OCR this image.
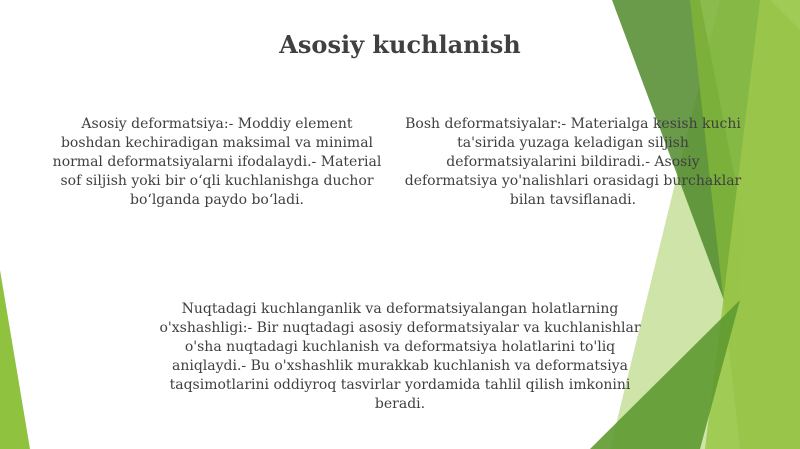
Asosiy kuchlanish
Asosiy deformatsiya:- Moddiy element boshdan kechiradigan maksimal va minimal normal deformatsiyalarni ifodalaydi.- Material sof siljish yoki bir o‘qli kuchlanishga duchor bo‘lganda paydo bo‘ladi.
Bosh deformatsiyalar:- Materialga kesish kuchi ta'sirida yuzaga keladigan siljish deformatsiyalarini bildiradi.- Asosiy deformatsiya yo'nalishlari orasidagi burchaklar bilan tavsiflanadi.
Nuqtadagi kuchlanganlik va deformatsiyalangan holatlarning o'xshashligi:- Bir nuqtadagi asosiy deformatsiyalar va kuchlanishlar o'sha nuqtadagi kuchlanish va deformatsiya holatlarini to'liq aniqlaydi.- Bu o'xshashlik murakkab kuchlanish va deformatsiya taqsimotlarini oddiyroq tasvirlar yordamida tahlil qilish imkonini beradi.
